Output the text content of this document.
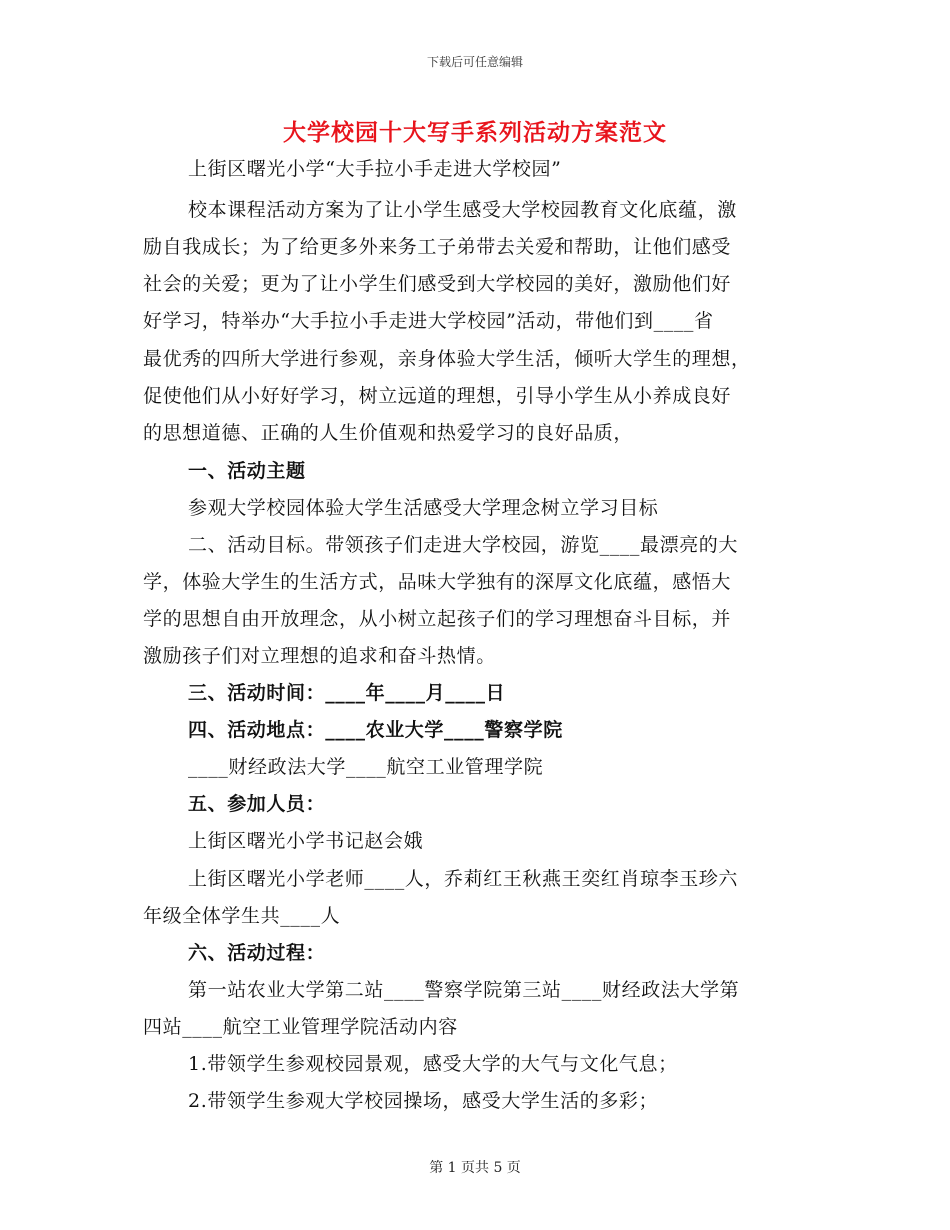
下载后可任意编辑
大学校园十大写手系列活动方案范文
上街区曙光小学“大手拉小手走进大学校园”
校本课程活动方案为了让小学生感受大学校园教育文化底蕴，激
励自我成长；为了给更多外来务工子弟带去关爱和帮助，让他们感受
社会的关爱；更为了让小学生们感受到大学校园的美好，激励他们好
好学习，特举办“大手拉小手走进大学校园”活动，带他们到____省
最优秀的四所大学进行参观，亲身体验大学生活，倾听大学生的理想，
促使他们从小好好学习，树立远道的理想，引导小学生从小养成良好
的思想道德、正确的人生价值观和热爱学习的良好品质，
一、活动主题
参观大学校园体验大学生活感受大学理念树立学习目标
二、活动目标。带领孩子们走进大学校园，游览____最漂亮的大
学，体验大学生的生活方式，品味大学独有的深厚文化底蕴，感悟大
学的思想自由开放理念，从小树立起孩子们的学习理想奋斗目标，并
激励孩子们对立理想的追求和奋斗热情。
三、活动时间：____年____月____日
四、活动地点：____农业大学____警察学院
____财经政法大学____航空工业管理学院
五、参加人员：
上街区曙光小学书记赵会娥
上街区曙光小学老师____人，乔莉红王秋燕王奕红肖琼李玉珍六
年级全体学生共____人
六、活动过程：
第一站农业大学第二站____警察学院第三站____财经政法大学第
四站____航空工业管理学院活动内容
1.带领学生参观校园景观，感受大学的大气与文化气息；
2.带领学生参观大学校园操场，感受大学生活的多彩；
第 1 页共 5 页
